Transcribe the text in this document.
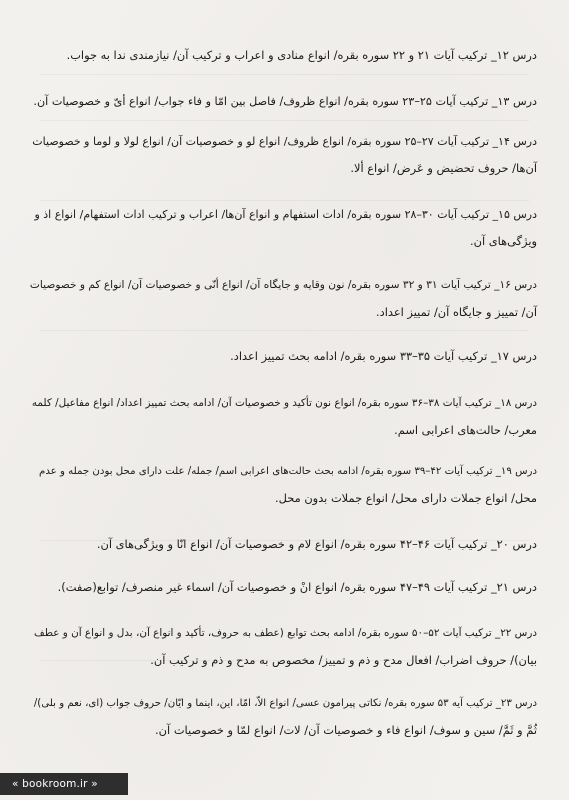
درس ۱۲_ ترکیب آیات ۲۱ و ۲۲ سوره بقره/ انواع منادی و اعراب و ترکیب آن/ نیازمندی ندا به جواب.

درس ۱۳_ ترکیب آیات ۲۵–۲۳ سوره بقره/ انواع ظروف/ فاصل بین امّا و فاء جواب/ انواع أیّ و خصوصیات آن.

درس ۱۴_ ترکیب آیات ۲۷–۲۵ سوره بقره/ انواع ظروف/ انواع لو و خصوصیات آن/ انواع لولا و لوما و خصوصیات

آن‌ها/ حروف تحضیض و عَرض/ انواع ألا.

درس ۱۵_ ترکیب آیات ۳۰–۲۸ سوره بقره/ ادات استفهام و انواع آن‌ها/ اعراب و ترکیب ادات استفهام/ انواع اذ و

ویژگی‌های آن.

درس ۱۶_ ترکیب آیات ۳۱ و ۳۲ سوره بقره/ نون وقایه و جایگاه آن/ انواع أنّی و خصوصیات آن/ انواع کم و خصوصیات

آن/ تمییز و جایگاه آن/ تمییز اعداد.

درس ۱۷_ ترکیب آیات ۳۵–۳۳ سوره بقره/ ادامه بحث تمییز اعداد.

درس ۱۸_ ترکیب آیات ۳۸–۳۶ سوره بقره/ انواع نون تأکید و خصوصیات آن/ ادامه بحث تمییز اعداد/ انواع مفاعیل/ کلمه

معرب/ حالت‌های اعرابی اسم.

درس ۱۹_ ترکیب آیات ۴۲–۳۹ سوره بقره/ ادامه بحث حالت‌های اعرابی اسم/ جمله/ علت دارای محل بودن جمله و عدم

محل/ انواع جملات دارای محل/ انواع جملات بدون محل.

درس ۲۰_ ترکیب آیات ۴۶–۴۲ سوره بقره/ انواع لام و خصوصیات آن/ انواع انّا و ویژگی‌های آن.

درس ۲۱_ ترکیب آیات ۴۹–۴۷ سوره بقره/ انواع انْ و خصوصیات آن/ اسماء غیر منصرف/ توابع(صفت).

درس ۲۲_ ترکیب آیات ۵۲–۵۰ سوره بقره/ ادامه بحث توابع (عطف به حروف، تأکید و انواع آن، بدل و انواع آن و عطف

بیان)/ حروف اضراب/ افعال مدح و ذم و تمییز/ مخصوص به مدح و ذم و ترکیب آن.

درس ۲۳_ ترکیب آیه ۵۳ سوره بقره/ نکاتی پیرامون عسی/ انواع الاّ، امّا، این، اینما و ایّان/ حروف جواب (ای، نعم و بلی)/

ثُمَّ و ثَمَّ/ سین و سوف/ انواع فاء و خصوصیات آن/ لات/ انواع لمّا و خصوصیات آن.

« bookroom.ir »
